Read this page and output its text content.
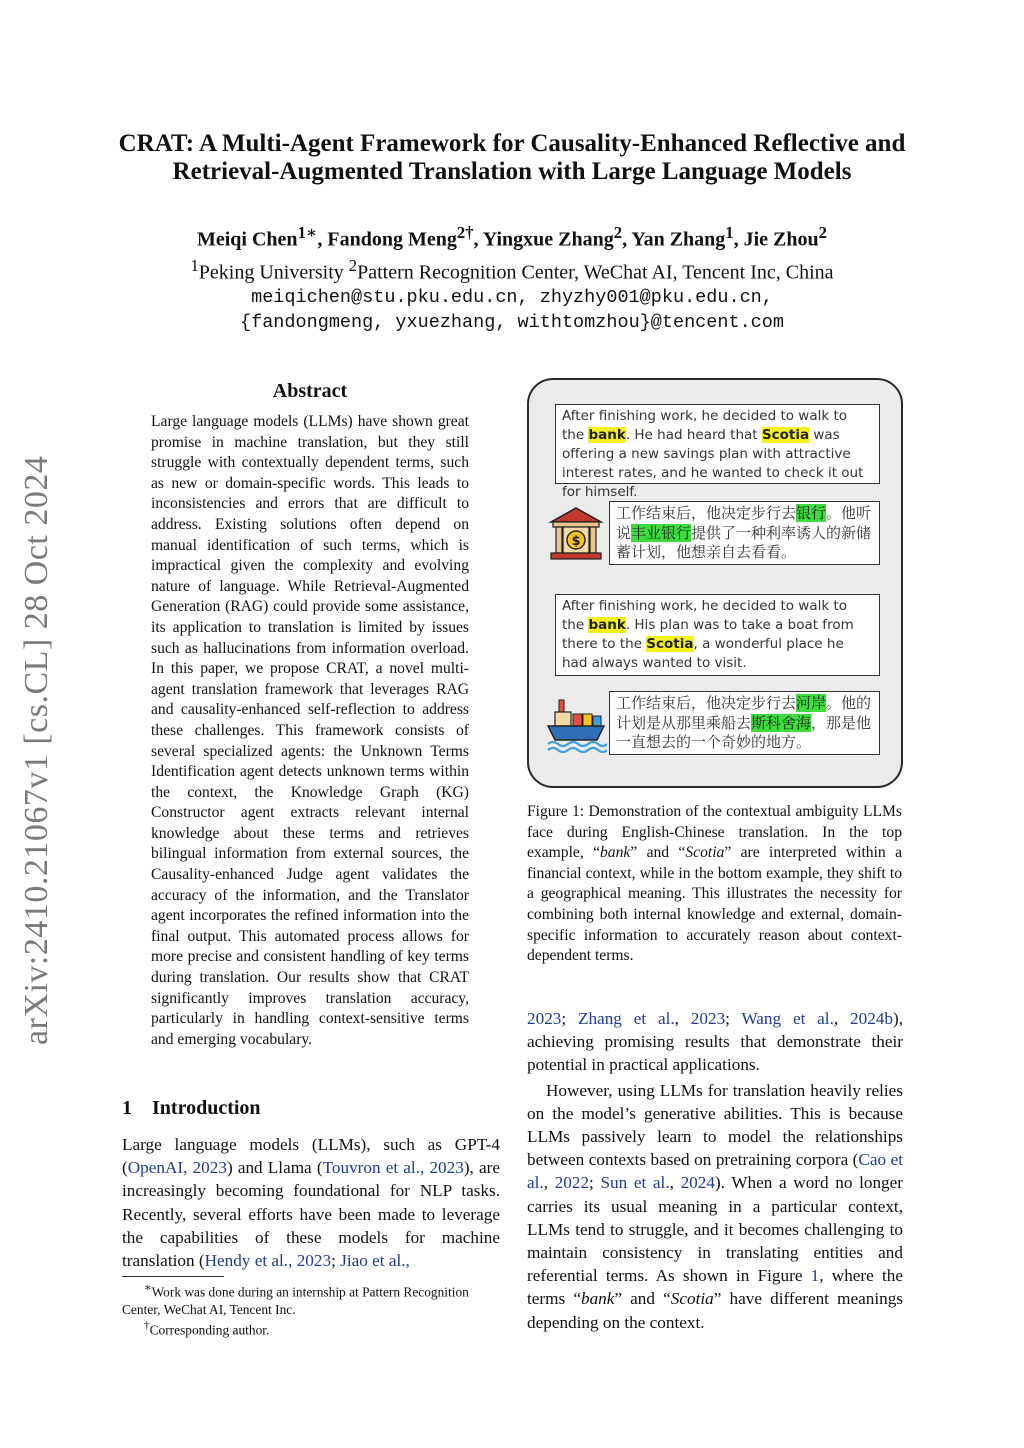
CRAT: A Multi-Agent Framework for Causality-Enhanced Reflective and
Retrieval-Augmented Translation with Large Language Models
Meiqi Chen$^{1∗}$, Fandong Meng$^{2\dagger}$, Yingxue Zhang$^2$, Yan Zhang$^1$, Jie Zhou$^2$
$^1$Peking University $^2$Pattern Recognition Center, WeChat AI, Tencent Inc, China
meiqichen@stu.pku.edu.cn, zhyzhy001@pku.edu.cn,
{fandongmeng, yxuezhang, withtomzhou}@tencent.com
arXiv:2410.21067v1 [cs.CL] 28 Oct 2024
Abstract
Large language models (LLMs) have shown great promise in machine translation, but they still struggle with contextually dependent terms, such as new or domain-specific words. This leads to inconsistencies and errors that are difficult to address. Existing solutions often depend on manual identification of such terms, which is impractical given the complexity and evolving nature of language. While Retrieval-Augmented Generation (RAG) could provide some assistance, its application to translation is limited by issues such as hallucinations from information overload. In this paper, we propose CRAT, a novel multi-agent translation framework that leverages RAG and causality-enhanced self-reflection to address these challenges. This framework consists of several specialized agents: the Unknown Terms Identification agent detects unknown terms within the context, the Knowledge Graph (KG) Constructor agent extracts relevant internal knowledge about these terms and retrieves bilingual information from external sources, the Causality-enhanced Judge agent validates the accuracy of the information, and the Translator agent incorporates the refined information into the final output. This automated process allows for more precise and consistent handling of key terms during translation. Our results show that CRAT significantly improves translation accuracy, particularly in handling context-sensitive terms and emerging vocabulary.
1 Introduction
Large language models (LLMs), such as GPT-4 (OpenAI, 2023) and Llama (Touvron et al., 2023), are increasingly becoming foundational for NLP tasks. Recently, several efforts have been made to leverage the capabilities of these models for machine translation (Hendy et al., 2023; Jiao et al.,

∗Work was done during an internship at Pattern Recognition Center, WeChat AI, Tencent Inc.

†Corresponding author.

After finishing work, he decided to walk to the bank. He had heard that Scotia was offering a new savings plan with attractive interest rates, and he wanted to check it out for himself.
$
工作结束后，他决定步行去银行。他听说丰业银行提供了一种利率诱人的新储蓄计划，他想亲自去看看。
After finishing work, he decided to walk to the bank. His plan was to take a boat from there to the Scotia, a wonderful place he had always wanted to visit.
工作结束后，他决定步行去河岸。他的计划是从那里乘船去斯科舍海，那是他一直想去的一个奇妙的地方。
Figure 1: Demonstration of the contextual ambiguity LLMs face during English-Chinese translation. In the top example, “bank” and “Scotia” are interpreted within a financial context, while in the bottom example, they shift to a geographical meaning. This illustrates the necessity for combining both internal knowledge and external, domain-specific information to accurately reason about context-dependent terms.

2023; Zhang et al., 2023; Wang et al., 2024b), achieving promising results that demonstrate their potential in practical applications.

However, using LLMs for translation heavily relies on the model’s generative abilities. This is because LLMs passively learn to model the relationships between contexts based on pretraining corpora (Cao et al., 2022; Sun et al., 2024). When a word no longer carries its usual meaning in a particular context, LLMs tend to struggle, and it becomes challenging to maintain consistency in translating entities and referential terms. As shown in Figure 1, where the terms “bank” and “Scotia” have different meanings depending on the context.
